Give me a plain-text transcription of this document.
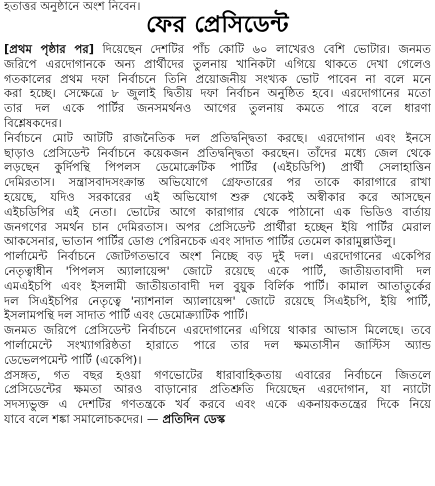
হতাত্তর অনুষ্ঠানে অংশ নিবেন।
ফের প্রেসিডেন্ট
[প্রথম পৃষ্ঠার পর] দিয়েছেন দেশটির পাঁচ কোটি ৬০ লাখেরও বেশি ভোটার। জনমত
জরিপে এরদোগানকে অন্য প্রার্থীদের তুলনায় খানিকটা এগিয়ে থাকতে দেখা গেলেও
গতকালের প্রথম দফা নির্বাচনে তিনি প্রয়োজনীয় সংখ্যক ভোট পাবেন না বলে মনে
করা হচ্ছে। সেক্ষেত্রে ৮ জুলাই দ্বিতীয় দফা নির্বাচন অনুষ্ঠিত হবে। এরদোগানের মতো
তার দল একে পার্টির জনসমর্থনও আগের তুলনায় কমতে পারে বলে ধারণা
বিশ্লেষকদের।
নির্বাচনে মোট আটটি রাজনৈতিক দল প্রতিদ্বন্দ্বিতা করছে। এরদোগান এবং ইনসে
ছাড়াও প্রেসিডেন্ট নির্বাচনে কয়েকজন প্রতিদ্বন্দ্বিতা করছেন। তাঁদের মধ্যে জেল থেকে
লড়ছেন কুর্দিপন্থি পিপলস ডেমোক্রেটিক পার্টির (এইচডিপি) প্রার্থী সেলাহাত্তিন
দেমিরতাস। সন্ত্রাসবাদসংক্রান্ত অভিযোগে গ্রেফতারের পর তাকে কারাগারে রাখা
হয়েছে, যদিও সরকারের এই অভিযোগ শুরু থেকেই অস্বীকার করে আসছেন
এইচডিপির এই নেতা। ভোটের আগে কারাগার থেকে পাঠানো এক ভিডিও বার্তায়
জনগণের সমর্থন চান দেমিরতাস। অপর প্রেসিডেন্ট প্রার্থীরা হচ্ছেন ইয়ি পার্টির মেরাল
আকসেনার, ভাতান পার্টির ডোগু পেরিনচেক এবং সাদাত পার্টির তেমেল কারামুল্লাউলু।
পার্লামেন্ট নির্বাচনে জোটগতভাবে অংশ নিচ্ছে বড় দুই দল। এরদোগানের একেপির
নেতৃত্বাধীন 'পিপলস অ্যালায়েন্স' জোটে রয়েছে একে পার্টি, জাতীয়তাবাদী দল
এমএইচপি এবং ইসলামী জাতীয়তাবাদী দল বুয়ুক বির্লিক পার্টি। কামাল আতাতুর্কের
দল সিএইচপির নেতৃত্বে 'ন্যাশনাল অ্যালায়েন্স' জোটে রয়েছে সিএইচপি, ইয়ি পার্টি,
ইসলামপন্থি দল সাদাত পার্টি এবং ডেমোক্র্যাটিক পার্টি।
জনমত জরিপে প্রেসিডেন্ট নির্বাচনে এরদোগানের এগিয়ে থাকার আভাস মিলেছে। তবে
পার্লামেন্টে সংখ্যাগরিষ্ঠতা হারাতে পারে তার দল ক্ষমতাসীন জাস্টিস অ্যান্ড
ডেভেলপমেন্ট পার্টি (একেপি)।
প্রসঙ্গত, গত বছর হওয়া গণভোটের ধারাবাহিকতায় এবারের নির্বাচনে জিতলে
প্রেসিডেন্টের ক্ষমতা আরও বাড়ানোর প্রতিশ্রুতি দিয়েছেন এরদোগান, যা ন্যাটো
সদস্যভুক্ত এ দেশটির গণতন্ত্রকে খর্ব করবে এবং একে একনায়কতন্ত্রের দিকে নিয়ে
যাবে বলে শঙ্কা সমালোচকদের। — প্রতিদিন ডেস্ক
